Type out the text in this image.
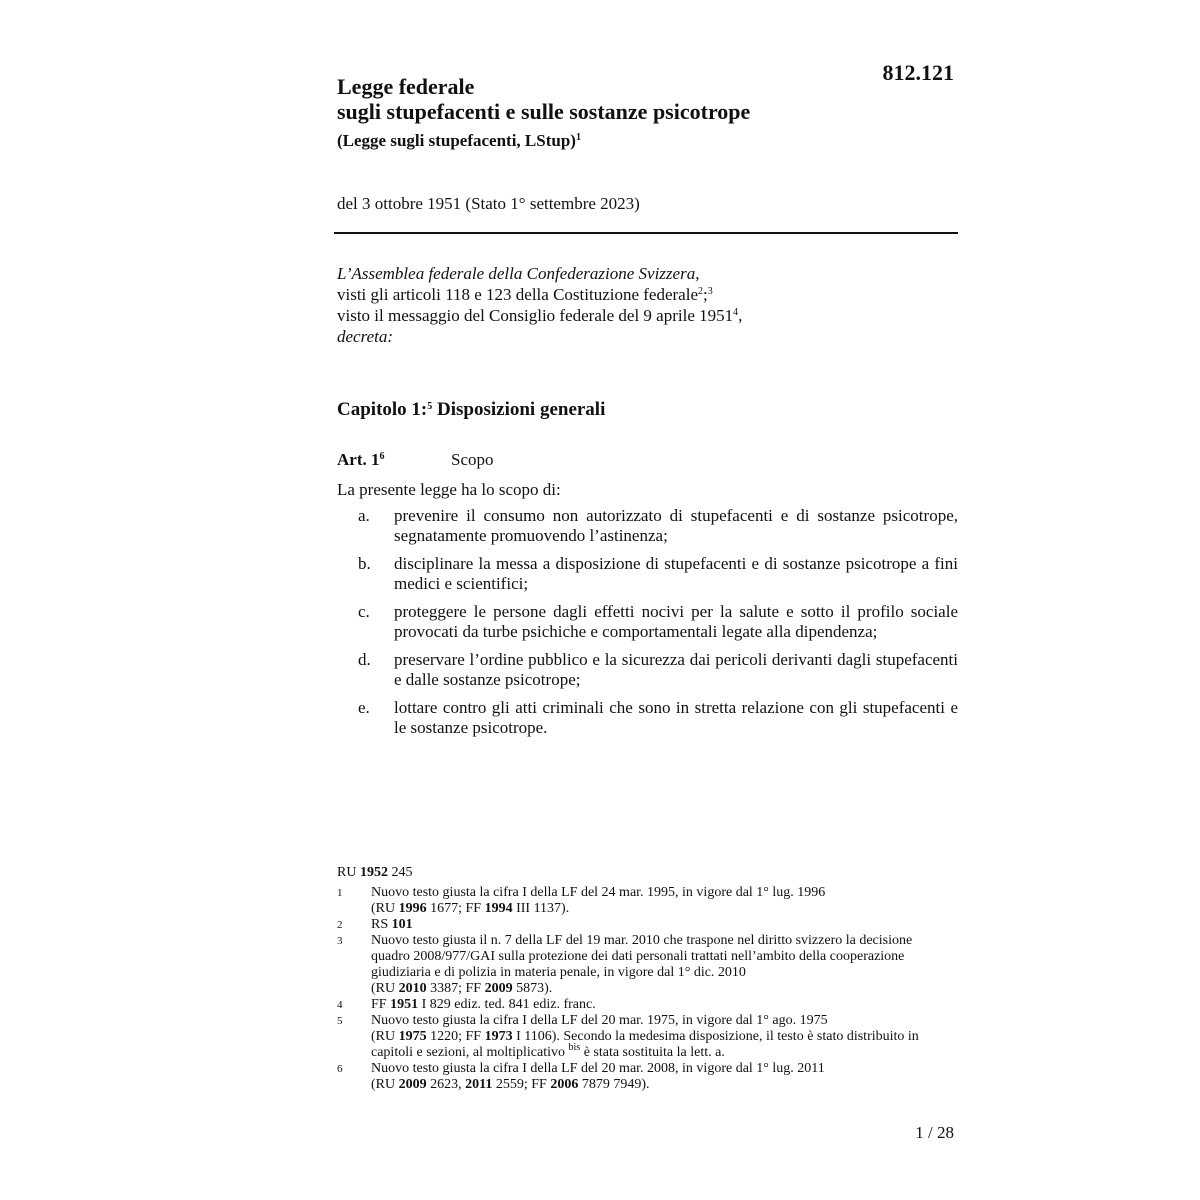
812.121
Legge federale
sugli stupefacenti e sulle sostanze psicotrope
(Legge sugli stupefacenti, LStup)$^1$
del 3 ottobre 1951 (Stato 1° settembre 2023)
L’Assemblea federale della Confederazione Svizzera,
visti gli articoli 118 e 123 della Costituzione federale$^2$;$^3$
visto il messaggio del Consiglio federale del 9 aprile 1951$^4$,
decreta:
Capitolo 1:$^5$ Disposizioni generali
Art. $1^6$	Scopo
La presente legge ha lo scopo di:
a.	prevenire il consumo non autorizzato di stupefacenti e di sostanze psicotrope, segnatamente promuovendo l’astinenza;
b.	disciplinare la messa a disposizione di stupefacenti e di sostanze psicotrope a fini medici e scientifici;
c.	proteggere le persone dagli effetti nocivi per la salute e sotto il profilo sociale provocati da turbe psichiche e comportamentali legate alla dipendenza;
d.	preservare l’ordine pubblico e la sicurezza dai pericoli derivanti dagli stupefacenti e dalle sostanze psicotrope;
e.	lottare contro gli atti criminali che sono in stretta relazione con gli stupefacenti e le sostanze psicotrope.
RU 1952 245
1	Nuovo testo giusta la cifra I della LF del 24 mar. 1995, in vigore dal 1° lug. 1996
(RU 1996 1677; FF 1994 III 1137).
2	RS 101
3	Nuovo testo giusta il n. 7 della LF del 19 mar. 2010 che traspone nel diritto svizzero la decisione quadro 2008/977/GAI sulla protezione dei dati personali trattati nell’ambito della cooperazione giudiziaria e di polizia in materia penale, in vigore dal 1° dic. 2010
(RU 2010 3387; FF 2009 5873).
4	FF 1951 I 829 ediz. ted. 841 ediz. franc.
5	Nuovo testo giusta la cifra I della LF del 20 mar. 1975, in vigore dal 1° ago. 1975
(RU 1975 1220; FF 1973 I 1106). Secondo la medesima disposizione, il testo è stato distribuito in capitoli e sezioni, al moltiplicativo $^{bis}$ è stata sostituita la lett. a.
6	Nuovo testo giusta la cifra I della LF del 20 mar. 2008, in vigore dal 1° lug. 2011
(RU 2009 2623, 2011 2559; FF 2006 7879 7949).
1 / 28
